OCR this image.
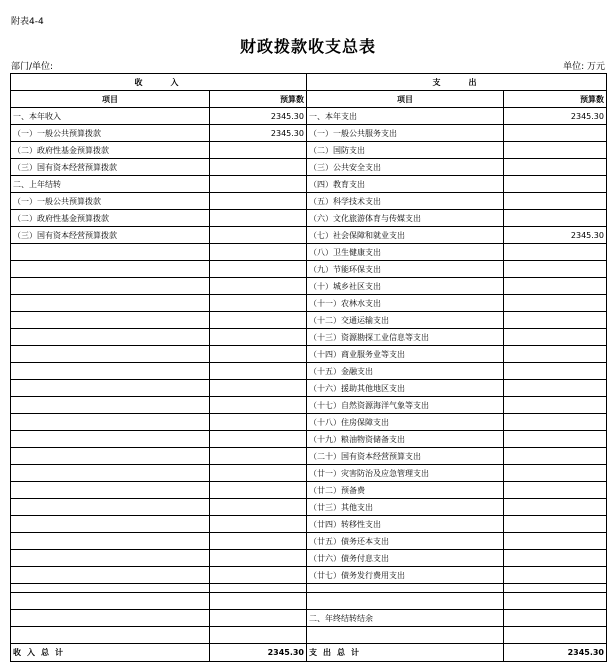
附表4-4
财政拨款收支总表
部门/单位:	单位: 万元
收　　入		支　　出	
项目	预算数	项目	预算数
一、本年收入	2345.30	一、本年支出	2345.30
（一）一般公共预算拨款	2345.30	（一）一般公共服务支出	
（二）政府性基金预算拨款		（二）国防支出	
（三）国有资本经营预算拨款		（三）公共安全支出	
二、上年结转		（四）教育支出	
（一）一般公共预算拨款		（五）科学技术支出	
（二）政府性基金预算拨款		（六）文化旅游体育与传媒支出	
（三）国有资本经营预算拨款		（七）社会保障和就业支出	2345.30
		（八）卫生健康支出	
		（九）节能环保支出	
		（十）城乡社区支出	
		（十一）农林水支出	
		（十二）交通运输支出	
		（十三）资源勘探工业信息等支出	
		（十四）商业服务业等支出	
		（十五）金融支出	
		（十六）援助其他地区支出	
		（十七）自然资源海洋气象等支出	
		（十八）住房保障支出	
		（十九）粮油物资储备支出	
		（二十）国有资本经营预算支出	
		（廿一）灾害防治及应急管理支出	
		（廿二）预备费	
		（廿三）其他支出	
		（廿四）转移性支出	
		（廿五）债务还本支出	
		（廿六）债务付息支出	
		（廿七）债务发行费用支出	

		二、年终结转结余	

收入总计	2345.30	支出总计	2345.30
